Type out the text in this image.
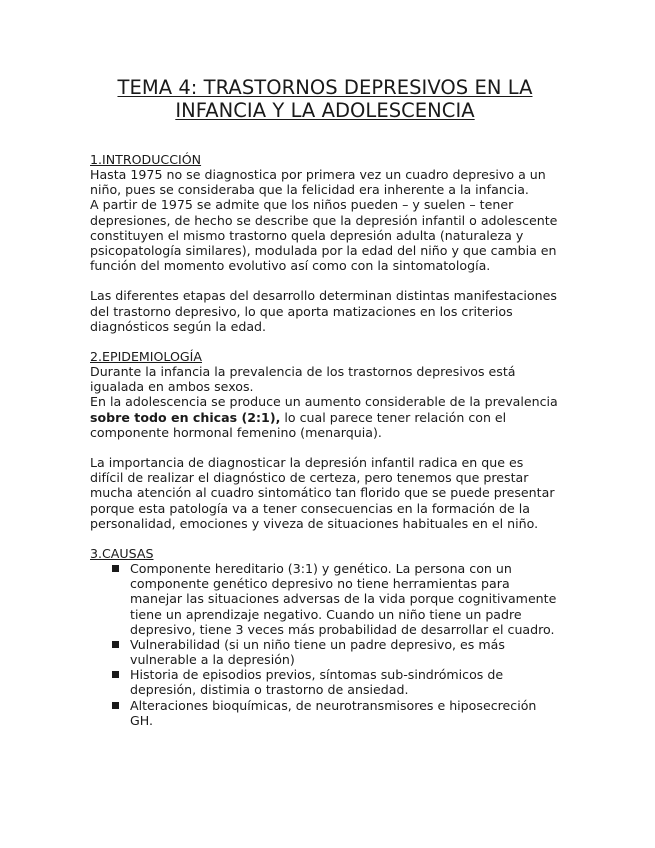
TEMA 4: TRASTORNOS DEPRESIVOS EN LA
INFANCIA Y LA ADOLESCENCIA

1.INTRODUCCIÓN

Hasta 1975 no se diagnostica por primera vez un cuadro depresivo a un niño, pues se consideraba que la felicidad era inherente a la infancia.

A partir de 1975 se admite que los niños pueden – y suelen – tener depresiones, de hecho se describe que la depresión infantil o adolescente constituyen el mismo trastorno quela depresión adulta (naturaleza y psicopatología similares), modulada por la edad del niño y que cambia en función del momento evolutivo así como con la sintomatología.

Las diferentes etapas del desarrollo determinan distintas manifestaciones del trastorno depresivo, lo que aporta matizaciones en los criterios diagnósticos según la edad.

2.EPIDEMIOLOGÍA

Durante la infancia la prevalencia de los trastornos depresivos está igualada en ambos sexos.

En la adolescencia se produce un aumento considerable de la prevalencia sobre todo en chicas (2:1), lo cual parece tener relación con el componente hormonal femenino (menarquia).

La importancia de diagnosticar la depresión infantil radica en que es difícil de realizar el diagnóstico de certeza, pero tenemos que prestar mucha atención al cuadro sintomático tan florido que se puede presentar porque esta patología va a tener consecuencias en la formación de la personalidad, emociones y viveza de situaciones habituales en el niño.

3.CAUSAS

Componente hereditario (3:1) y genético. La persona con un componente genético depresivo no tiene herramientas para manejar las situaciones adversas de la vida porque cognitivamente tiene un aprendizaje negativo. Cuando un niño tiene un padre depresivo, tiene 3 veces más probabilidad de desarrollar el cuadro.
Vulnerabilidad (si un niño tiene un padre depresivo, es más vulnerable a la depresión)
Historia de episodios previos, síntomas sub-sindrómicos de depresión, distimia o trastorno de ansiedad.
Alteraciones bioquímicas, de neurotransmisores e hiposecreción GH.
